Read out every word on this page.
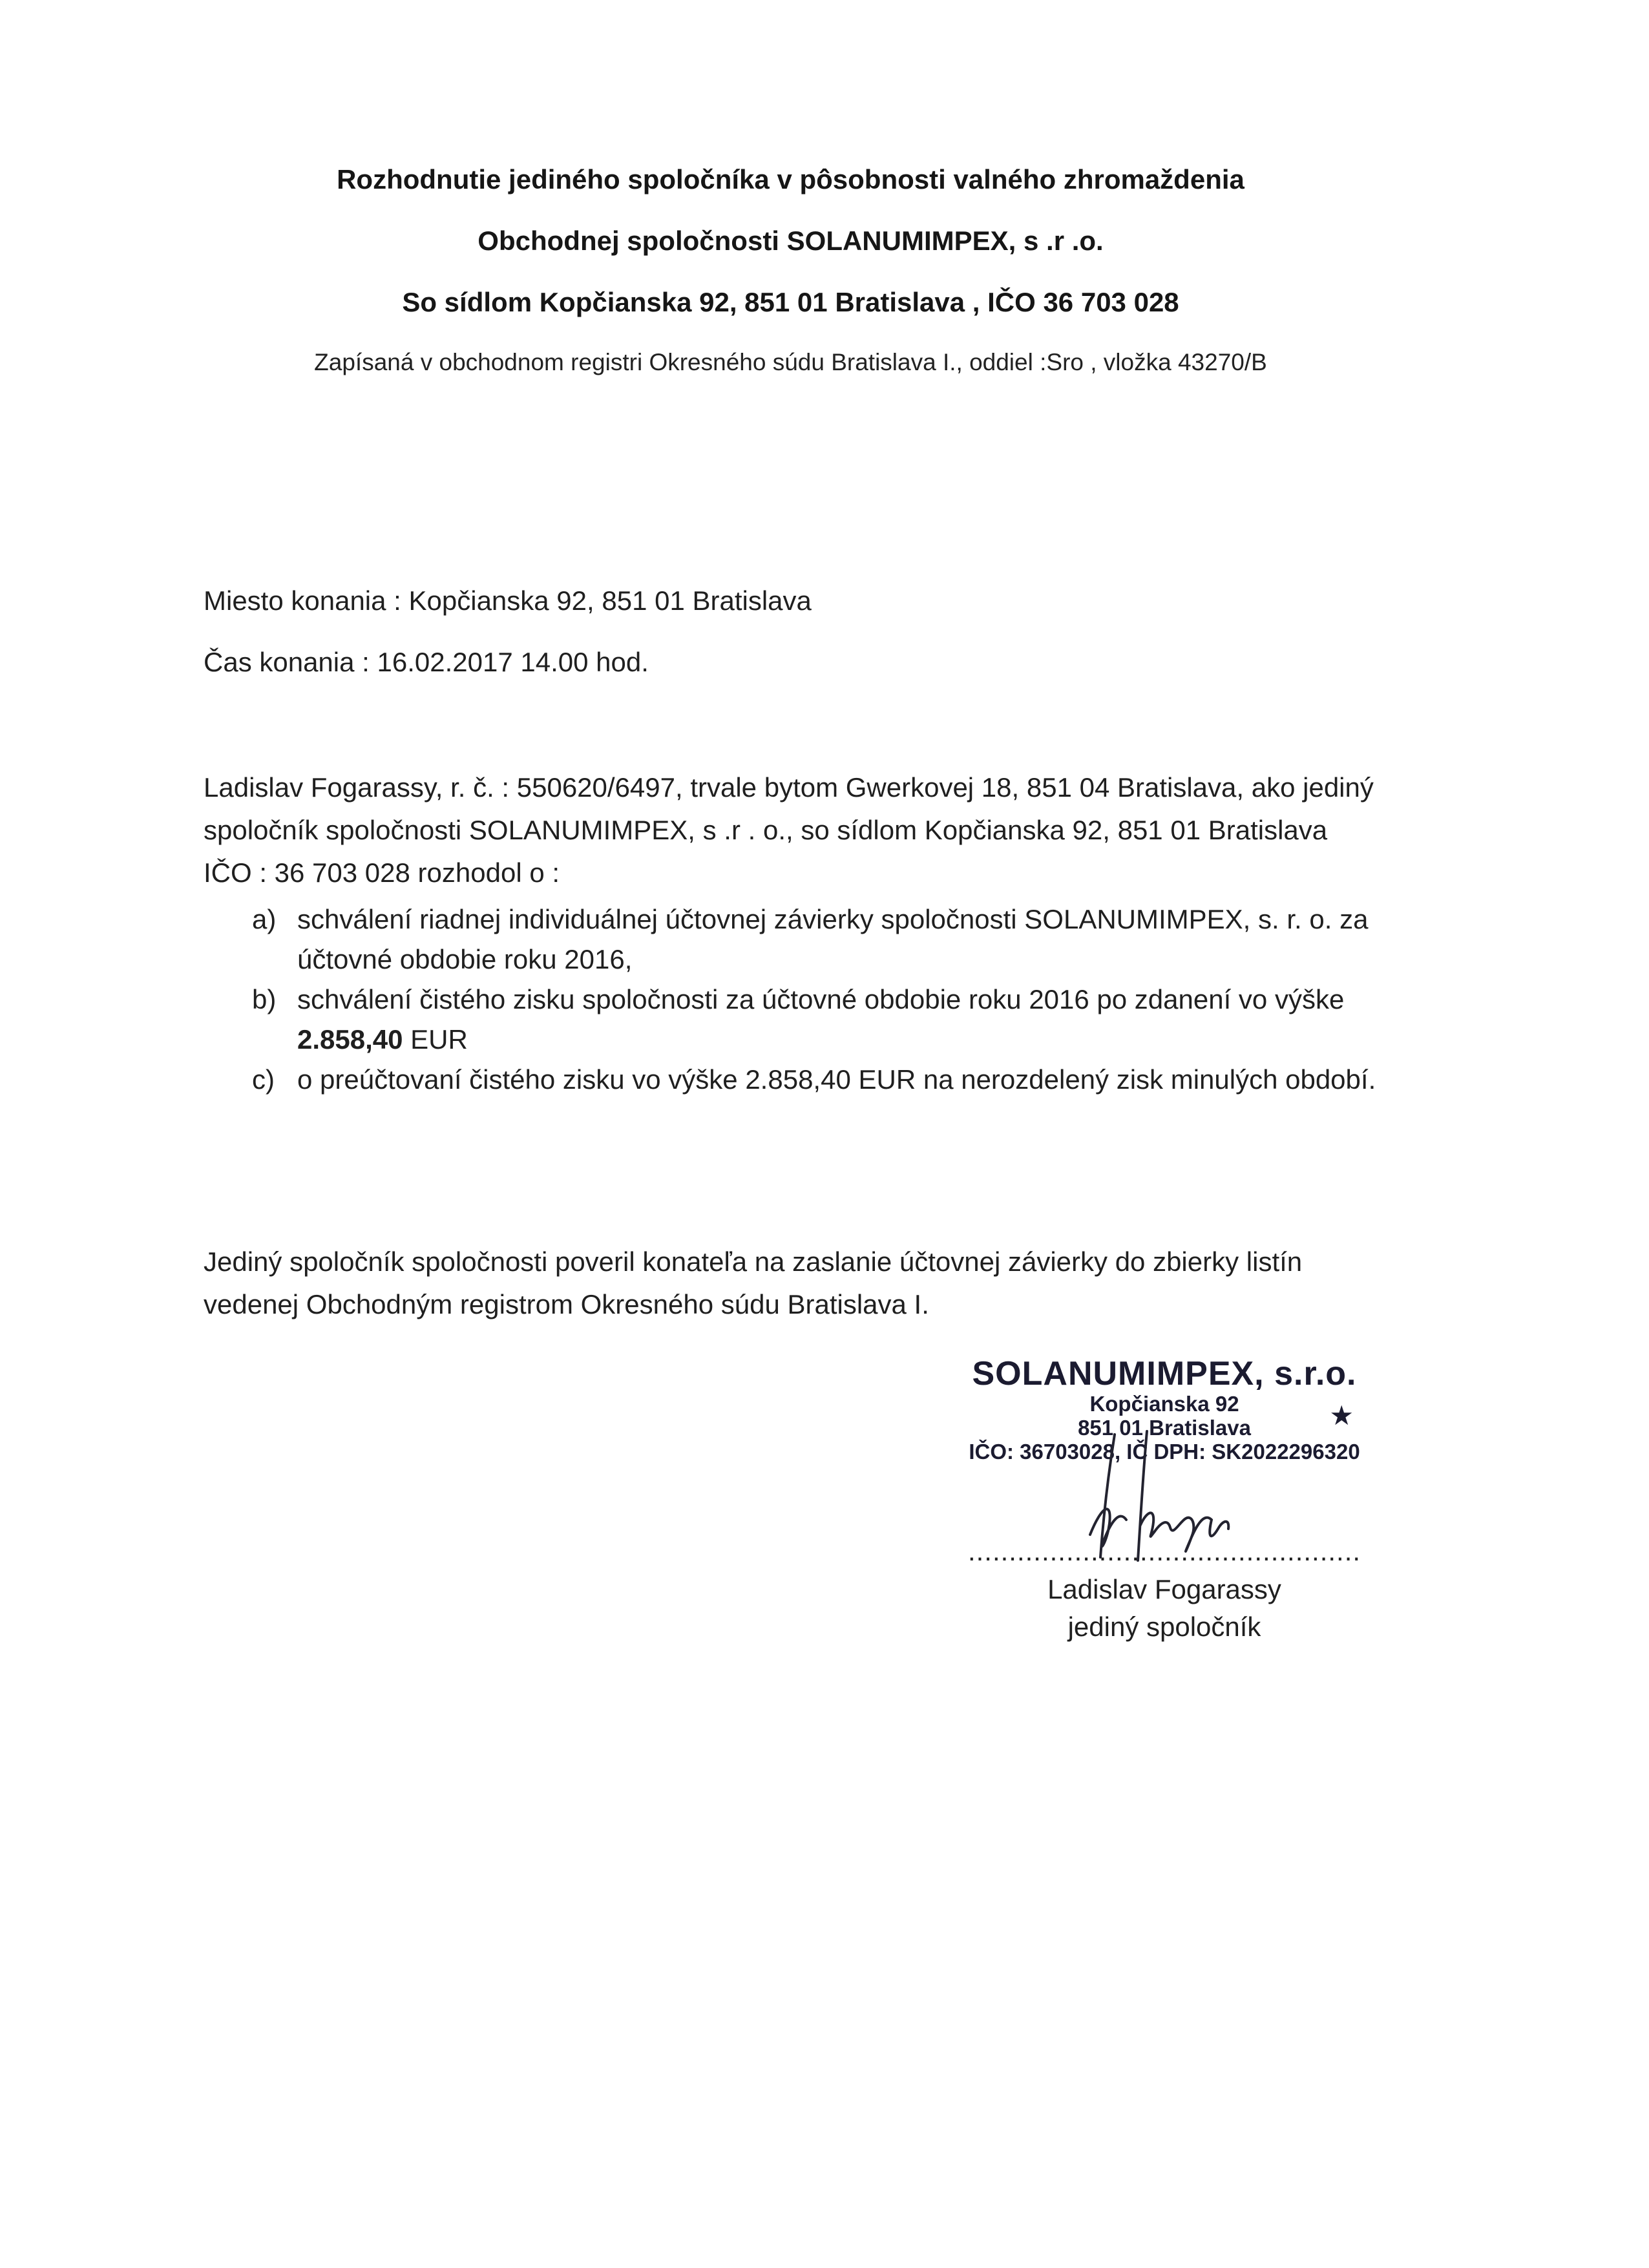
Rozhodnutie jediného spoločníka v pôsobnosti valného zhromaždenia

Obchodnej spoločnosti SOLANUMIMPEX, s .r .o.

So sídlom Kopčianska 92, 851 01 Bratislava , IČO 36 703 028

Zapísaná v obchodnom registri Okresného súdu Bratislava I., oddiel :Sro , vložka 43270/B

Miesto konania : Kopčianska 92, 851 01 Bratislava

Čas konania : 16.02.2017 14.00 hod.

Ladislav Fogarassy, r. č. : 550620/6497, trvale bytom Gwerkovej 18, 851 04 Bratislava, ako jediný spoločník spoločnosti SOLANUMIMPEX, s .r . o., so sídlom Kopčianska 92, 851 01 Bratislava IČO : 36 703 028 rozhodol o :

a) schválení riadnej individuálnej účtovnej závierky spoločnosti SOLANUMIMPEX, s. r. o. za účtovné obdobie roku 2016,
b) schválení čistého zisku spoločnosti za účtovné obdobie roku 2016 po zdanení vo výške 2.858,40 EUR
c) o preúčtovaní čistého zisku vo výške 2.858,40 EUR na nerozdelený zisk minulých období.

Jediný spoločník spoločnosti poveril konateľa na zaslanie účtovnej závierky do zbierky listín vedenej Obchodným registrom Okresného súdu Bratislava I.

SOLANUMIMPEX, s.r.o.
Kopčianska 92
851 01 Bratislava
IČO: 36703028, IČ DPH: SK2022296320
★
................................................
Ladislav Fogarassy
jediný spoločník
